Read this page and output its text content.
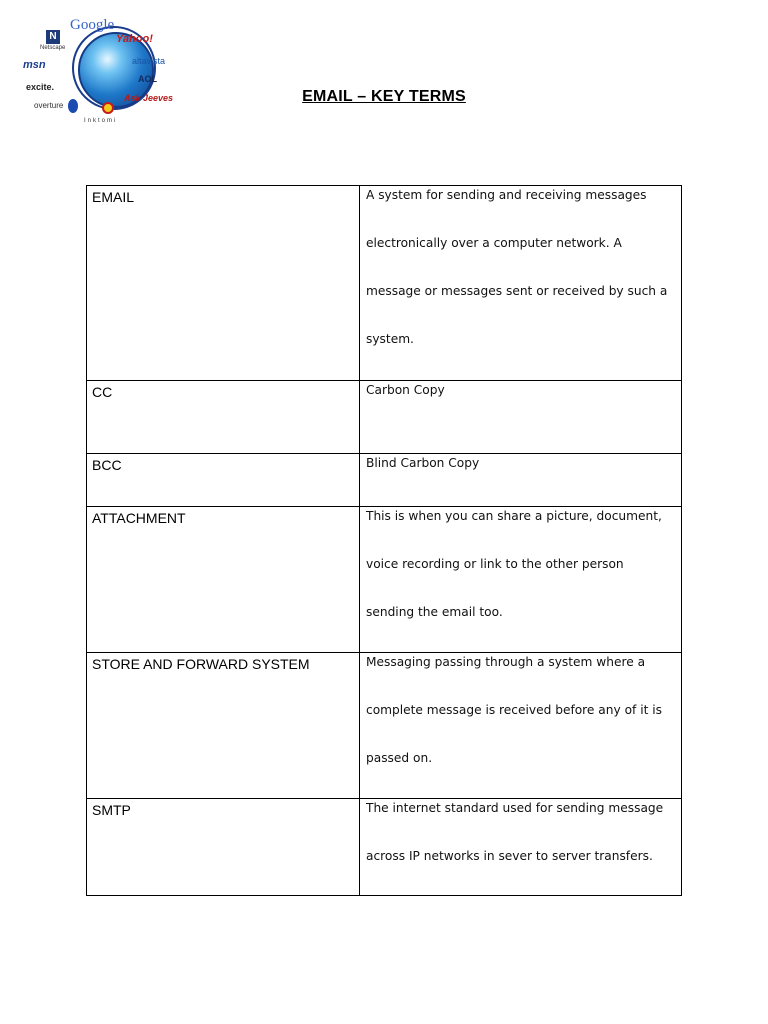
Google
Yahoo!
N
Netscape
altavista
msn
AOL
excite.
Ask Jeeves
overture
Inktomi
EMAIL – KEY TERMS
EMAIL	A system for sending and receiving messages electronically over a computer network. A message or messages sent or received by such a system.

CC	Carbon Copy

BCC	Blind Carbon Copy

ATTACHMENT	This is when you can share a picture, document, voice recording or link to the other person sending the email too.

STORE AND FORWARD SYSTEM	Messaging passing through a system where a complete message is received before any of it is passed on.

SMTP	The internet standard used for sending message across IP networks in sever to server transfers.
